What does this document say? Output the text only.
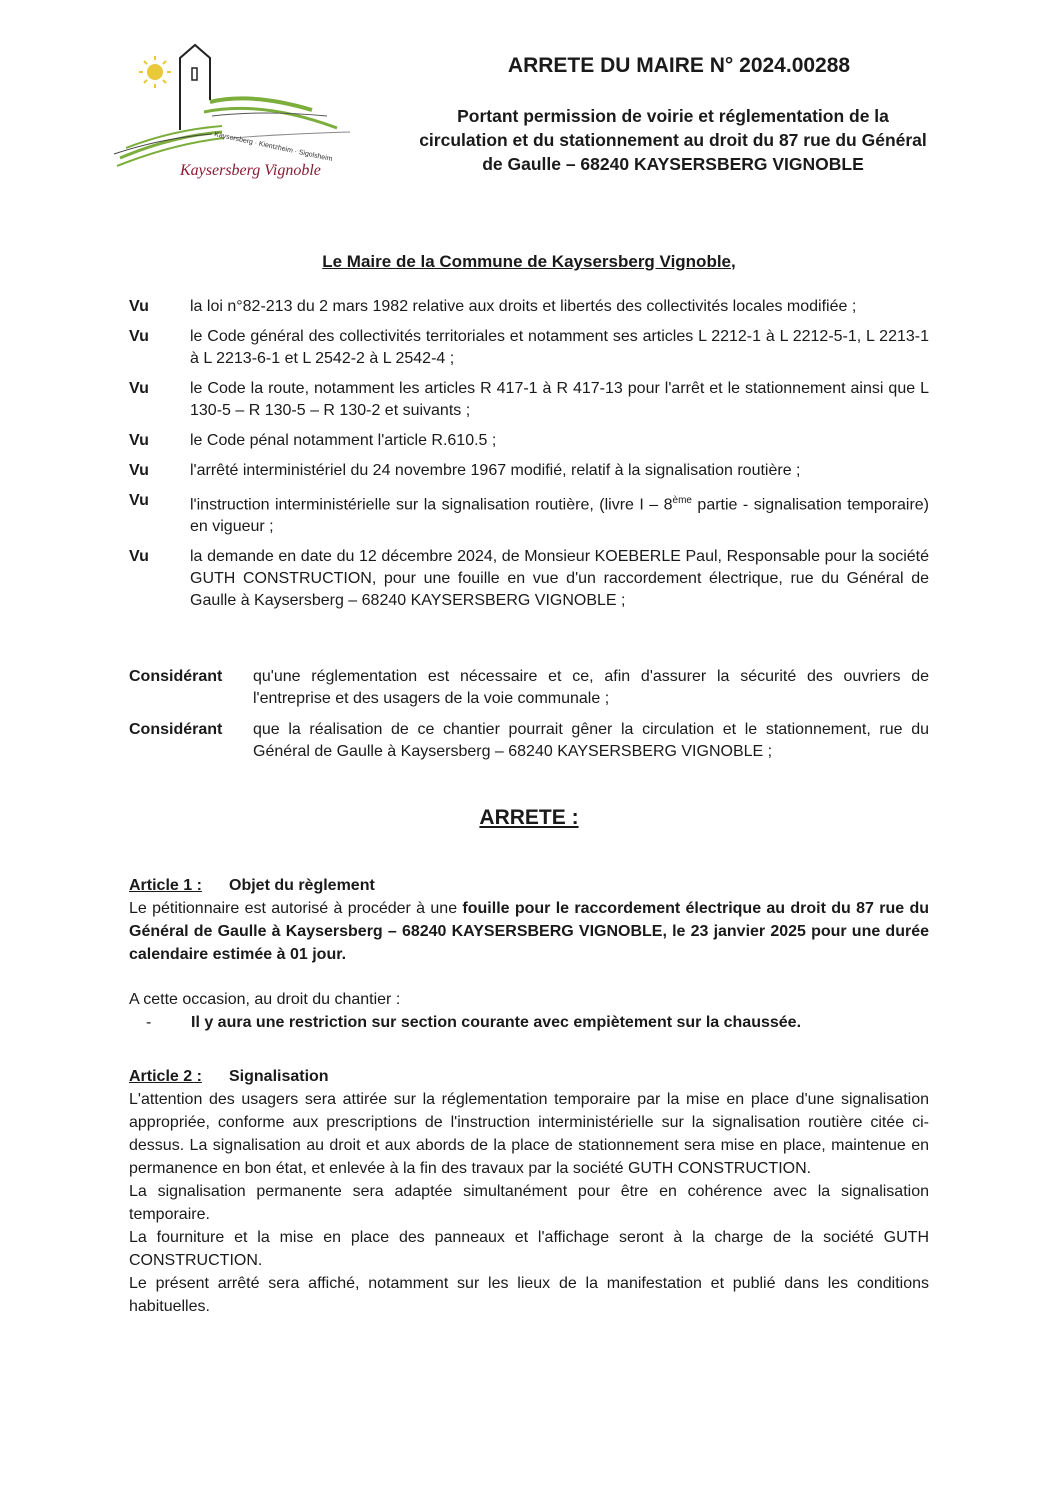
Kaysersberg · Kientzheim · Sigolsheim
Kaysersberg Vignoble
ARRETE DU MAIRE N° 2024.00288
Portant permission de voirie et réglementation de la
circulation et du stationnement au droit du 87 rue du Général
de Gaulle – 68240 KAYSERSBERG VIGNOBLE
Le Maire de la Commune de Kaysersberg Vignoble,
Vu	la loi n°82-213 du 2 mars 1982 relative aux droits et libertés des collectivités locales modifiée ;
Vu	le Code général des collectivités territoriales et notamment ses articles L 2212-1 à L 2212-5-1, L 2213-1 à L 2213-6-1 et L 2542-2 à L 2542-4 ;
Vu	le Code la route, notamment les articles R 417-1 à R 417-13 pour l'arrêt et le stationnement ainsi que L 130-5 – R 130-5 – R 130-2 et suivants ;
Vu	le Code pénal notamment l'article R.610.5 ;
Vu	l'arrêté interministériel du 24 novembre 1967 modifié, relatif à la signalisation routière ;
Vu	l'instruction interministérielle sur la signalisation routière, (livre I – 8ème partie - signalisation temporaire) en vigueur ;
Vu	la demande en date du 12 décembre 2024, de Monsieur KOEBERLE Paul, Responsable pour la société GUTH CONSTRUCTION, pour une fouille en vue d'un raccordement électrique, rue du Général de Gaulle à Kaysersberg – 68240 KAYSERSBERG VIGNOBLE ;
Considérant	qu'une réglementation est nécessaire et ce, afin d'assurer la sécurité des ouvriers de l'entreprise et des usagers de la voie communale ;
Considérant	que la réalisation de ce chantier pourrait gêner la circulation et le stationnement, rue du Général de Gaulle à Kaysersberg – 68240 KAYSERSBERG VIGNOBLE ;
ARRETE :

Article 1 : Objet du règlement

Le pétitionnaire est autorisé à procéder à une fouille pour le raccordement électrique au droit du 87 rue du Général de Gaulle à Kaysersberg – 68240 KAYSERSBERG VIGNOBLE, le 23 janvier 2025 pour une durée calendaire estimée à 01 jour.

A cette occasion, au droit du chantier :

-	Il y aura une restriction sur section courante avec empiètement sur la chaussée.

Article 2 : Signalisation

L'attention des usagers sera attirée sur la réglementation temporaire par la mise en place d'une signalisation appropriée, conforme aux prescriptions de l'instruction interministérielle sur la signalisation routière citée ci-dessus. La signalisation au droit et aux abords de la place de stationnement sera mise en place, maintenue en permanence en bon état, et enlevée à la fin des travaux par la société GUTH CONSTRUCTION.

La signalisation permanente sera adaptée simultanément pour être en cohérence avec la signalisation temporaire.

La fourniture et la mise en place des panneaux et l'affichage seront à la charge de la société GUTH CONSTRUCTION.

Le présent arrêté sera affiché, notamment sur les lieux de la manifestation et publié dans les conditions habituelles.
